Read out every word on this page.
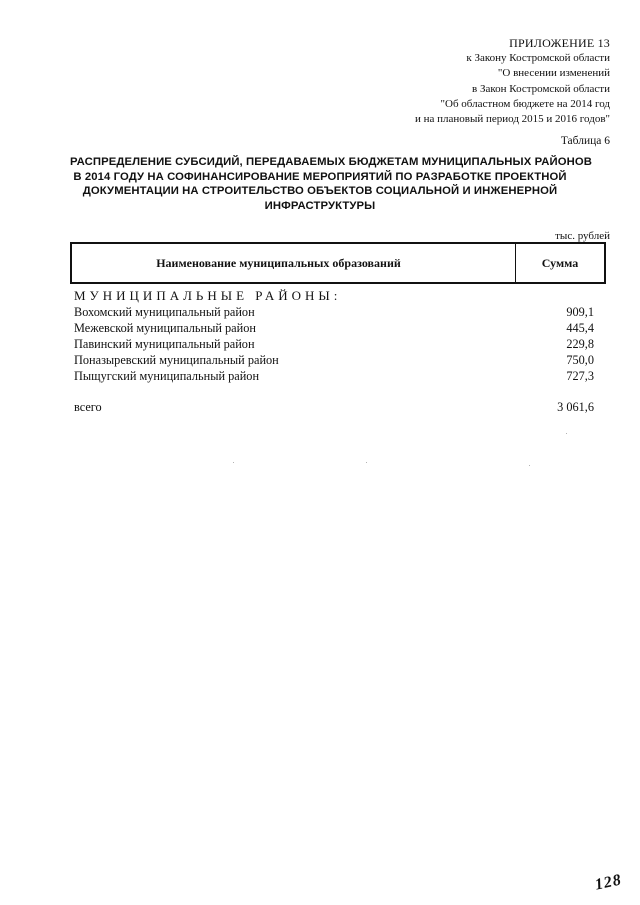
ПРИЛОЖЕНИЕ 13
к Закону Костромской области
"О внесении изменений
в Закон Костромской области
"Об областном бюджете на 2014 год
и на плановый период 2015 и 2016 годов"
Таблица 6
РАСПРЕДЕЛЕНИЕ СУБСИДИЙ, ПЕРЕДАВАЕМЫХ БЮДЖЕТАМ МУНИЦИПАЛЬНЫХ РАЙОНОВ
В 2014 ГОДУ НА СОФИНАНСИРОВАНИЕ МЕРОПРИЯТИЙ ПО РАЗРАБОТКЕ ПРОЕКТНОЙ
ДОКУМЕНТАЦИИ НА СТРОИТЕЛЬСТВО ОБЪЕКТОВ СОЦИАЛЬНОЙ И ИНЖЕНЕРНОЙ
ИНФРАСТРУКТУРЫ
тыс. рублей
Наименование муниципальных образований	Сумма
МУНИЦИПАЛЬНЫЕ РАЙОНЫ:
Вохомский муниципальный район	909,1
Межевской муниципальный район	445,4
Павинский муниципальный район	229,8
Поназыревский муниципальный район	750,0
Пыщугский муниципальный район	727,3
всего	3 061,6
128
